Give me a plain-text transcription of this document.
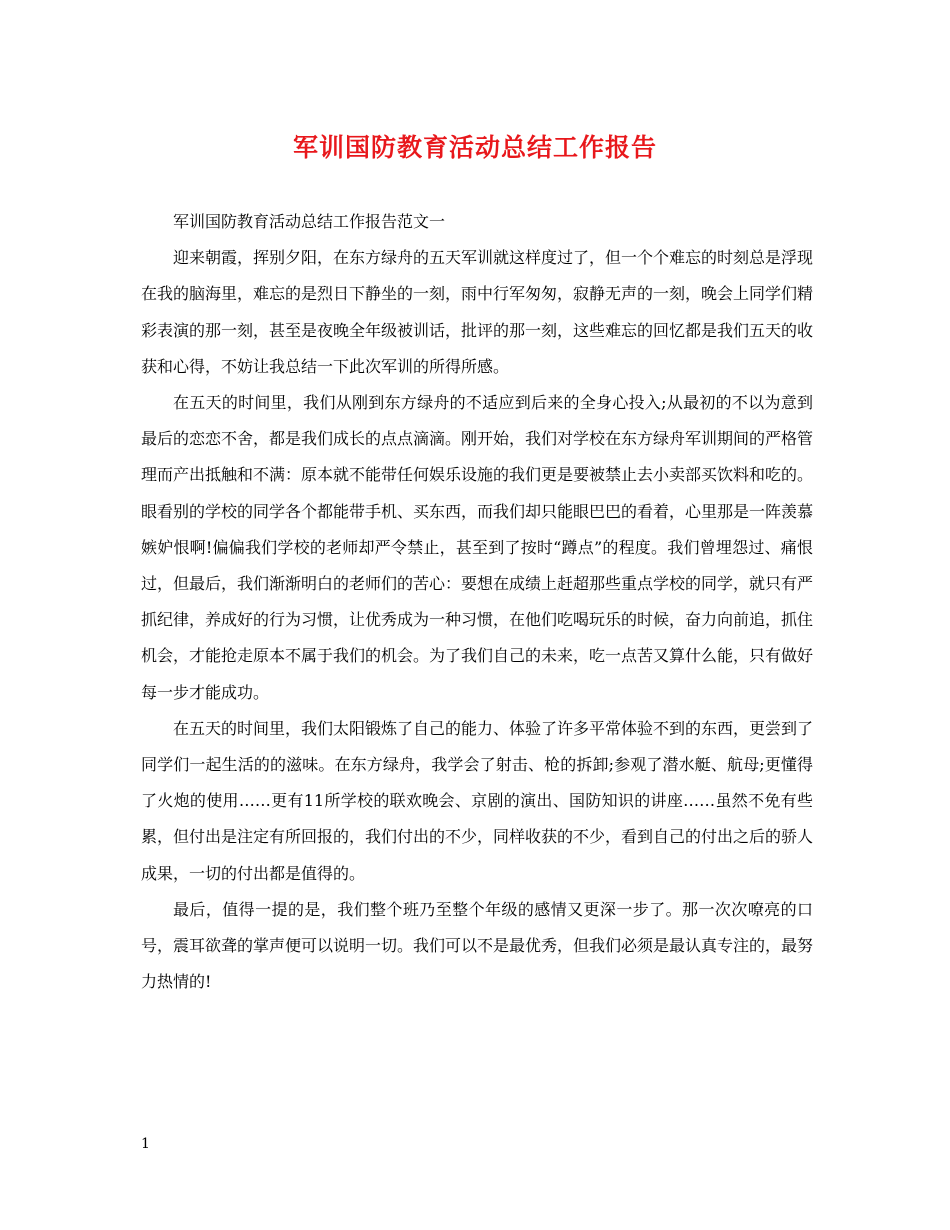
军训国防教育活动总结工作报告

军训国防教育活动总结工作报告范文一

迎来朝霞，挥别夕阳，在东方绿舟的五天军训就这样度过了，但一个个难忘的时刻总是浮现在我的脑海里，难忘的是烈日下静坐的一刻，雨中行军匆匆，寂静无声的一刻，晚会上同学们精彩表演的那一刻，甚至是夜晚全年级被训话，批评的那一刻，这些难忘的回忆都是我们五天的收获和心得，不妨让我总结一下此次军训的所得所感。

在五天的时间里，我们从刚到东方绿舟的不适应到后来的全身心投入;从最初的不以为意到最后的恋恋不舍，都是我们成长的点点滴滴。刚开始，我们对学校在东方绿舟军训期间的严格管理而产出抵触和不满：原本就不能带任何娱乐设施的我们更是要被禁止去小卖部买饮料和吃的。眼看别的学校的同学各个都能带手机、买东西，而我们却只能眼巴巴的看着，心里那是一阵羡慕嫉妒恨啊!偏偏我们学校的老师却严令禁止，甚至到了按时“蹲点”的程度。我们曾埋怨过、痛恨过，但最后，我们渐渐明白的老师们的苦心：要想在成绩上赶超那些重点学校的同学，就只有严抓纪律，养成好的行为习惯，让优秀成为一种习惯，在他们吃喝玩乐的时候，奋力向前追，抓住机会，才能抢走原本不属于我们的机会。为了我们自己的未来，吃一点苦又算什么能，只有做好每一步才能成功。

在五天的时间里，我们太阳锻炼了自己的能力、体验了许多平常体验不到的东西，更尝到了同学们一起生活的的滋味。在东方绿舟，我学会了射击、枪的拆卸;参观了潜水艇、航母;更懂得了火炮的使用……更有11所学校的联欢晚会、京剧的演出、国防知识的讲座……虽然不免有些累，但付出是注定有所回报的，我们付出的不少，同样收获的不少，看到自己的付出之后的骄人成果，一切的付出都是值得的。

最后，值得一提的是，我们整个班乃至整个年级的感情又更深一步了。那一次次嘹亮的口号，震耳欲聋的掌声便可以说明一切。我们可以不是最优秀，但我们必须是最认真专注的，最努力热情的!

1
